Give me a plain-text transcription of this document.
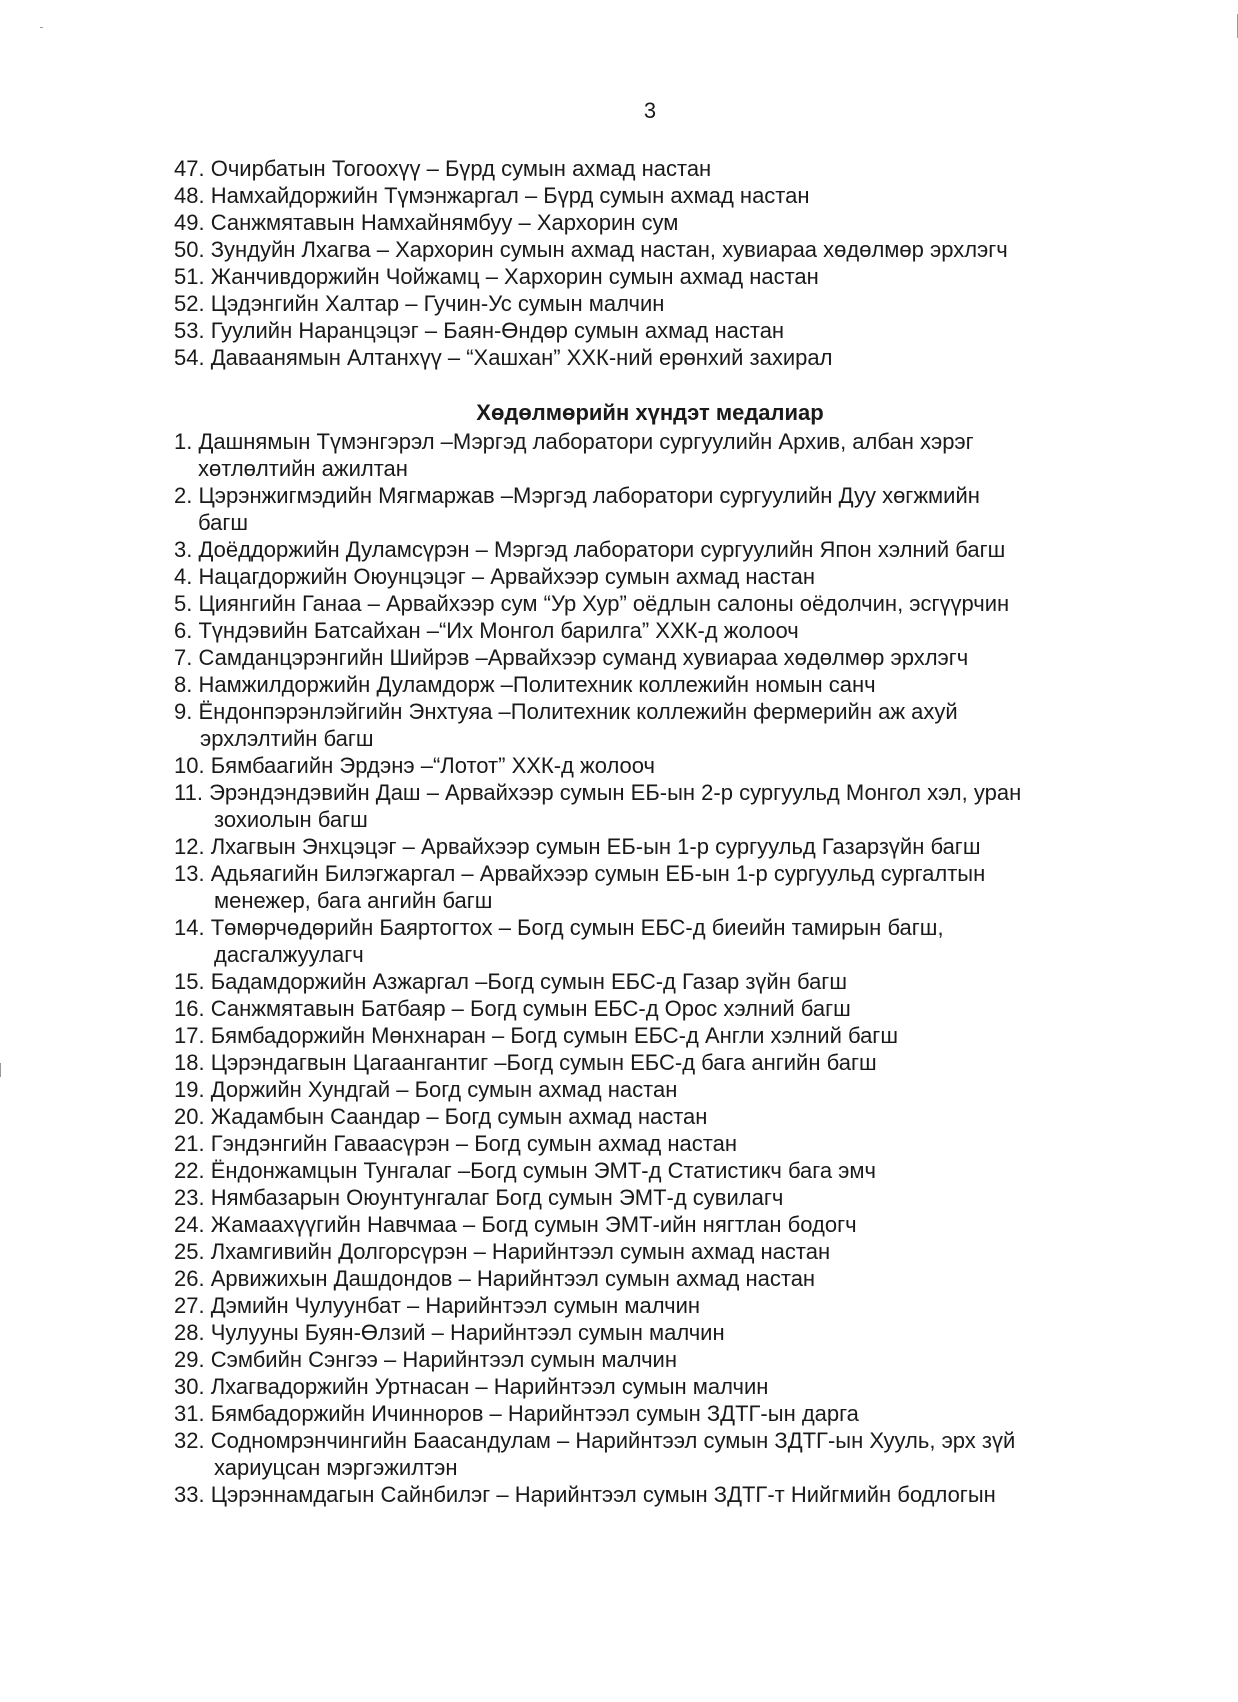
3
47. Очирбатын Тогоохүү – Бүрд сумын ахмад настан
48. Намхайдоржийн Түмэнжаргал – Бүрд сумын ахмад настан
49. Санжмятавын Намхайнямбуу – Хархорин сум
50. Зундуйн Лхагва – Хархорин сумын ахмад настан, хувиараа хөдөлмөр эрхлэгч
51. Жанчивдоржийн Чойжамц – Хархорин сумын ахмад настан
52. Цэдэнгийн Халтар – Гучин-Ус сумын малчин
53. Гуулийн Наранцэцэг – Баян-Өндөр сумын ахмад настан
54. Даваанямын Алтанхүү – “Хашхан” ХХК-ний ерөнхий захирал
Хөдөлмөрийн хүндэт медалиар
1. Дашнямын Түмэнгэрэл –Мэргэд лаборатори сургуулийн Архив, албан хэрэг
хөтлөлтийн ажилтан
2. Цэрэнжигмэдийн Мягмаржав –Мэргэд лаборатори сургуулийн Дуу хөгжмийн
багш
3. Доёддоржийн Дуламсүрэн – Мэргэд лаборатори сургуулийн Япон хэлний багш
4. Нацагдоржийн Оюунцэцэг – Арвайхээр сумын ахмад настан
5. Циянгийн Ганаа – Арвайхээр сум “Ур Хур” оёдлын салоны оёдолчин, эсгүүрчин
6. Түндэвийн Батсайхан –“Их Монгол барилга” ХХК-д жолооч
7. Самданцэрэнгийн Шийрэв –Арвайхээр суманд хувиараа хөдөлмөр эрхлэгч
8. Намжилдоржийн Дуламдорж –Политехник коллежийн номын санч
9. Ёндонпэрэнлэйгийн Энхтуяа –Политехник коллежийн фермерийн аж ахуй
эрхлэлтийн багш
10. Бямбаагийн Эрдэнэ –“Лотот” ХХК-д жолооч
11. Эрэндэндэвийн Даш – Арвайхээр сумын ЕБ-ын 2-р сургуульд Монгол хэл, уран
зохиолын багш
12. Лхагвын Энхцэцэг – Арвайхээр сумын ЕБ-ын 1-р сургуульд Газарзүйн багш
13. Адьяагийн Билэгжаргал – Арвайхээр сумын ЕБ-ын 1-р сургуульд сургалтын
менежер, бага ангийн багш
14. Төмөрчөдөрийн Баяртогтох – Богд сумын ЕБС-д биеийн тамирын багш,
дасгалжуулагч
15. Бадамдоржийн Азжаргал –Богд сумын ЕБС-д Газар зүйн багш
16. Санжмятавын Батбаяр – Богд сумын ЕБС-д Орос хэлний багш
17. Бямбадоржийн Мөнхнаран – Богд сумын ЕБС-д Англи хэлний багш
18. Цэрэндагвын Цагаангантиг –Богд сумын ЕБС-д бага ангийн багш
19. Доржийн Хундгай – Богд сумын ахмад настан
20. Жадамбын Саандар – Богд сумын ахмад настан
21. Гэндэнгийн Гаваасүрэн – Богд сумын ахмад настан
22. Ёндонжамцын Тунгалаг –Богд сумын ЭМТ-д Статистикч бага эмч
23. Нямбазарын Оюунтунгалаг Богд сумын ЭМТ-д сувилагч
24. Жамаахүүгийн Навчмаа – Богд сумын ЭМТ-ийн нягтлан бодогч
25. Лхамгивийн Долгорсүрэн – Нарийнтээл сумын ахмад настан
26. Арвижихын Дашдондов – Нарийнтээл сумын ахмад настан
27. Дэмийн Чулуунбат – Нарийнтээл сумын малчин
28. Чулууны Буян-Өлзий – Нарийнтээл сумын малчин
29. Сэмбийн Сэнгээ – Нарийнтээл сумын малчин
30. Лхагвадоржийн Уртнасан – Нарийнтээл сумын малчин
31. Бямбадоржийн Ичинноров – Нарийнтээл сумын ЗДТГ-ын дарга
32. Содномрэнчингийн Баасандулам – Нарийнтээл сумын ЗДТГ-ын Хууль, эрх зүй
хариуцсан мэргэжилтэн
33. Цэрэннамдагын Сайнбилэг – Нарийнтээл сумын ЗДТГ-т Нийгмийн бодлогын
